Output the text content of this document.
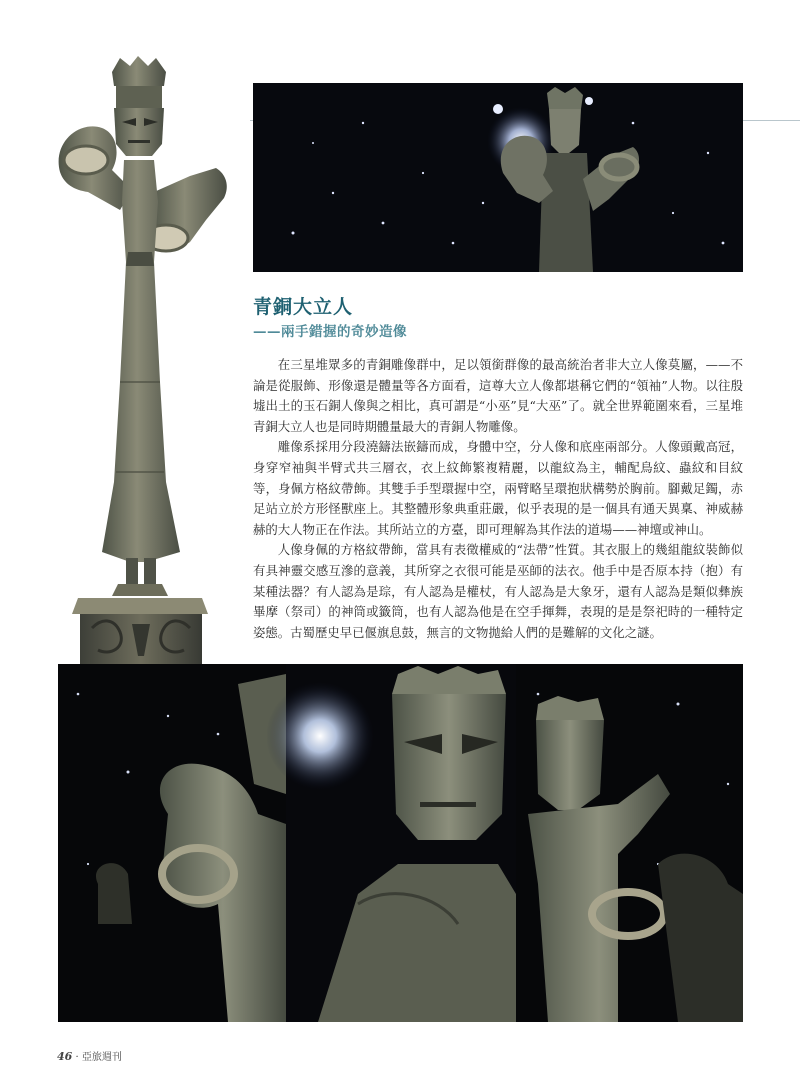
青銅大立人
——兩手錯握的奇妙造像

在三星堆眾多的青銅雕像群中，足以領銜群像的最高統治者非大立人像莫屬，——不論是從服飾、形像還是體量等各方面看，這尊大立人像都堪稱它們的“領袖”人物。以往殷墟出土的玉石銅人像與之相比，真可謂是“小巫”見“大巫”了。就全世界範圍來看，三星堆青銅大立人也是同時期體量最大的青銅人物雕像。

雕像系採用分段澆鑄法嵌鑄而成，身體中空，分人像和底座兩部分。人像頭戴高冠，身穿窄袖與半臂式共三層衣，衣上紋飾繁複精麗，以龍紋為主，輔配鳥紋、蟲紋和目紋等，身佩方格紋帶飾。其雙手手型環握中空，兩臂略呈環抱狀構勢於胸前。腳戴足鐲，赤足站立於方形怪獸座上。其整體形象典重莊嚴，似乎表現的是一個具有通天異稟、神威赫赫的大人物正在作法。其所站立的方臺，即可理解為其作法的道場——神壇或神山。

人像身佩的方格紋帶飾，當具有表徵權威的“法帶”性質。其衣服上的幾組龍紋裝飾似有具神靈交感互滲的意義，其所穿之衣很可能是巫師的法衣。他手中是否原本持（抱）有某種法器？有人認為是琮，有人認為是權杖，有人認為是大象牙，還有人認為是類似彝族畢摩（祭司）的神筒或籤筒，也有人認為他是在空手揮舞，表現的是是祭祀時的一種特定姿態。古蜀歷史早已偃旗息鼓，無言的文物拋給人們的是難解的文化之謎。

46 · 亞旅週刊
